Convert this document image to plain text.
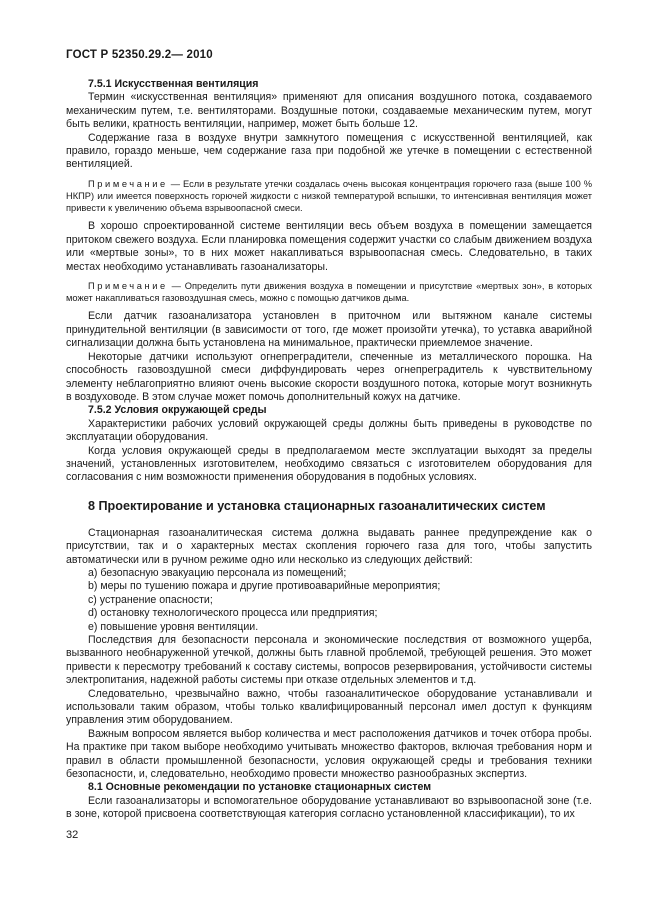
ГОСТ Р 52350.29.2— 2010

7.5.1 Искусственная вентиляция

Термин «искусственная вентиляция» применяют для описания воздушного потока, создаваемого механическим путем, т.е. вентиляторами. Воздушные потоки, создаваемые механическим путем, могут быть велики, кратность вентиляции, например, может быть больше 12.

Содержание газа в воздухе внутри замкнутого помещения с искусственной вентиляцией, как правило, гораздо меньше, чем содержание газа при подобной же утечке в помещении с естественной вентиляцией.

Примечание — Если в результате утечки создалась очень высокая концентрация горючего газа (выше 100 % НКПР) или имеется поверхность горючей жидкости с низкой температурой вспышки, то интенсивная вентиляция может привести к увеличению объема взрывоопасной смеси.

В хорошо спроектированной системе вентиляции весь объем воздуха в помещении замещается притоком свежего воздуха. Если планировка помещения содержит участки со слабым движением воздуха или «мертвые зоны», то в них может накапливаться взрывоопасная смесь. Следовательно, в таких местах необходимо устанавливать газоанализаторы.

Примечание — Определить пути движения воздуха в помещении и присутствие «мертвых зон», в которых может накапливаться газовоздушная смесь, можно с помощью датчиков дыма.

Если датчик газоанализатора установлен в приточном или вытяжном канале системы принудительной вентиляции (в зависимости от того, где может произойти утечка), то уставка аварийной сигнализации должна быть установлена на минимальное, практически приемлемое значение.

Некоторые датчики используют огнепреградители, спеченные из металлического порошка. На способность газовоздушной смеси диффундировать через огнепреградитель к чувствительному элементу неблагоприятно влияют очень высокие скорости воздушного потока, которые могут возникнуть в воздуховоде. В этом случае может помочь дополнительный кожух на датчике.

7.5.2 Условия окружающей среды

Характеристики рабочих условий окружающей среды должны быть приведены в руководстве по эксплуатации оборудования.

Когда условия окружающей среды в предполагаемом месте эксплуатации выходят за пределы значений, установленных изготовителем, необходимо связаться с изготовителем оборудования для согласования с ним возможности применения оборудования в подобных условиях.

8 Проектирование и установка стационарных газоаналитических систем

Стационарная газоаналитическая система должна выдавать раннее предупреждение как о присутствии, так и о характерных местах скопления горючего газа для того, чтобы запустить автоматически или в ручном режиме одно или несколько из следующих действий:

а) безопасную эвакуацию персонала из помещений;

b) меры по тушению пожара и другие противоаварийные мероприятия;

c) устранение опасности;

d) остановку технологического процесса или предприятия;

e) повышение уровня вентиляции.

Последствия для безопасности персонала и экономические последствия от возможного ущерба, вызванного необнаруженной утечкой, должны быть главной проблемой, требующей решения. Это может привести к пересмотру требований к составу системы, вопросов резервирования, устойчивости системы электропитания, надежной работы системы при отказе отдельных элементов и т.д.

Следовательно, чрезвычайно важно, чтобы газоаналитическое оборудование устанавливали и использовали таким образом, чтобы только квалифицированный персонал имел доступ к функциям управления этим оборудованием.

Важным вопросом является выбор количества и мест расположения датчиков и точек отбора пробы. На практике при таком выборе необходимо учитывать множество факторов, включая требования норм и правил в области промышленной безопасности, условия окружающей среды и требования техники безопасности, и, следовательно, необходимо провести множество разнообразных экспертиз.

8.1 Основные рекомендации по установке стационарных систем

Если газоанализаторы и вспомогательное оборудование устанавливают во взрывоопасной зоне (т.е. в зоне, которой присвоена соответствующая категория согласно установленной классификации), то их

32
